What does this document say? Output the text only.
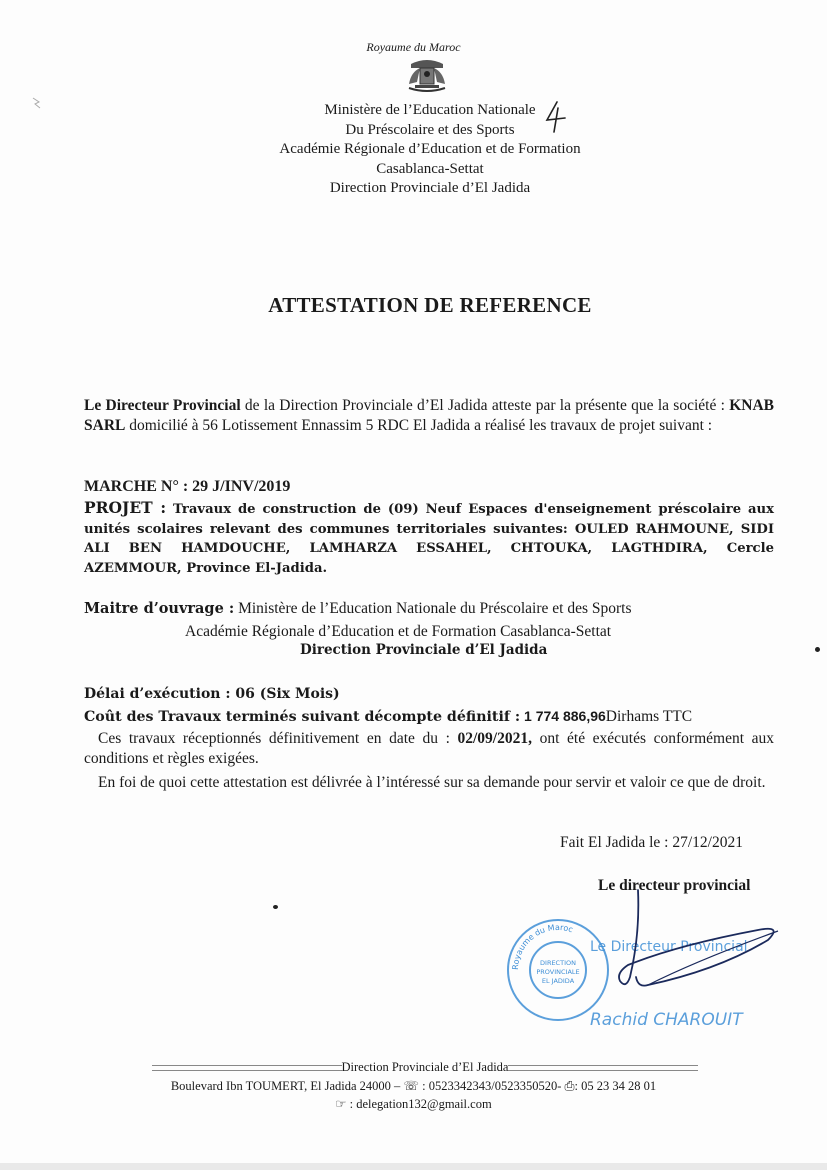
Royaume du Maroc
Ministère de l’Education Nationale
Du Préscolaire et des Sports
Académie Régionale d’Education et de Formation
Casablanca-Settat
Direction Provinciale d’El Jadida
ATTESTATION DE REFERENCE
Le Directeur Provincial de la Direction Provinciale d’El Jadida atteste par la présente que la société : KNAB SARL domicilié à 56 Lotissement Ennassim 5 RDC El Jadida a réalisé les travaux de projet suivant :
MARCHE N° : 29 J/INV/2019
PROJET : Travaux de construction de (09) Neuf Espaces d'enseignement préscolaire aux unités scolaires relevant des communes territoriales suivantes: OULED RAHMOUNE, SIDI ALI BEN HAMDOUCHE, LAMHARZA ESSAHEL, CHTOUKA, LAGTHDIRA, Cercle AZEMMOUR, Province El-Jadida.
Maitre d’ouvrage : Ministère de l’Education Nationale du Préscolaire et des Sports
Académie Régionale d’Education et de Formation Casablanca-Settat
Direction Provinciale d’El Jadida
Délai d’exécution : 06 (Six Mois)
Coût des Travaux terminés suivant décompte définitif : 1 774 886,96Dirhams TTC
Ces travaux réceptionnés définitivement en date du : 02/09/2021, ont été exécutés conformément aux conditions et règles exigées.
En foi de quoi cette attestation est délivrée à l’intéressé sur sa demande pour servir et valoir ce que de droit.
Fait El Jadida le : 27/12/2021
Le directeur provincial
Royaume du Maroc
DIRECTION
PROVINCIALE
EL JADIDA
Le Directeur Provincial
Rachid CHAROUIT
Direction Provinciale d’El Jadida
Boulevard Ibn TOUMERT, El Jadida 24000 – ☏ : 0523342343/0523350520- ⎙: 05 23 34 28 01
☞ : delegation132@gmail.com
